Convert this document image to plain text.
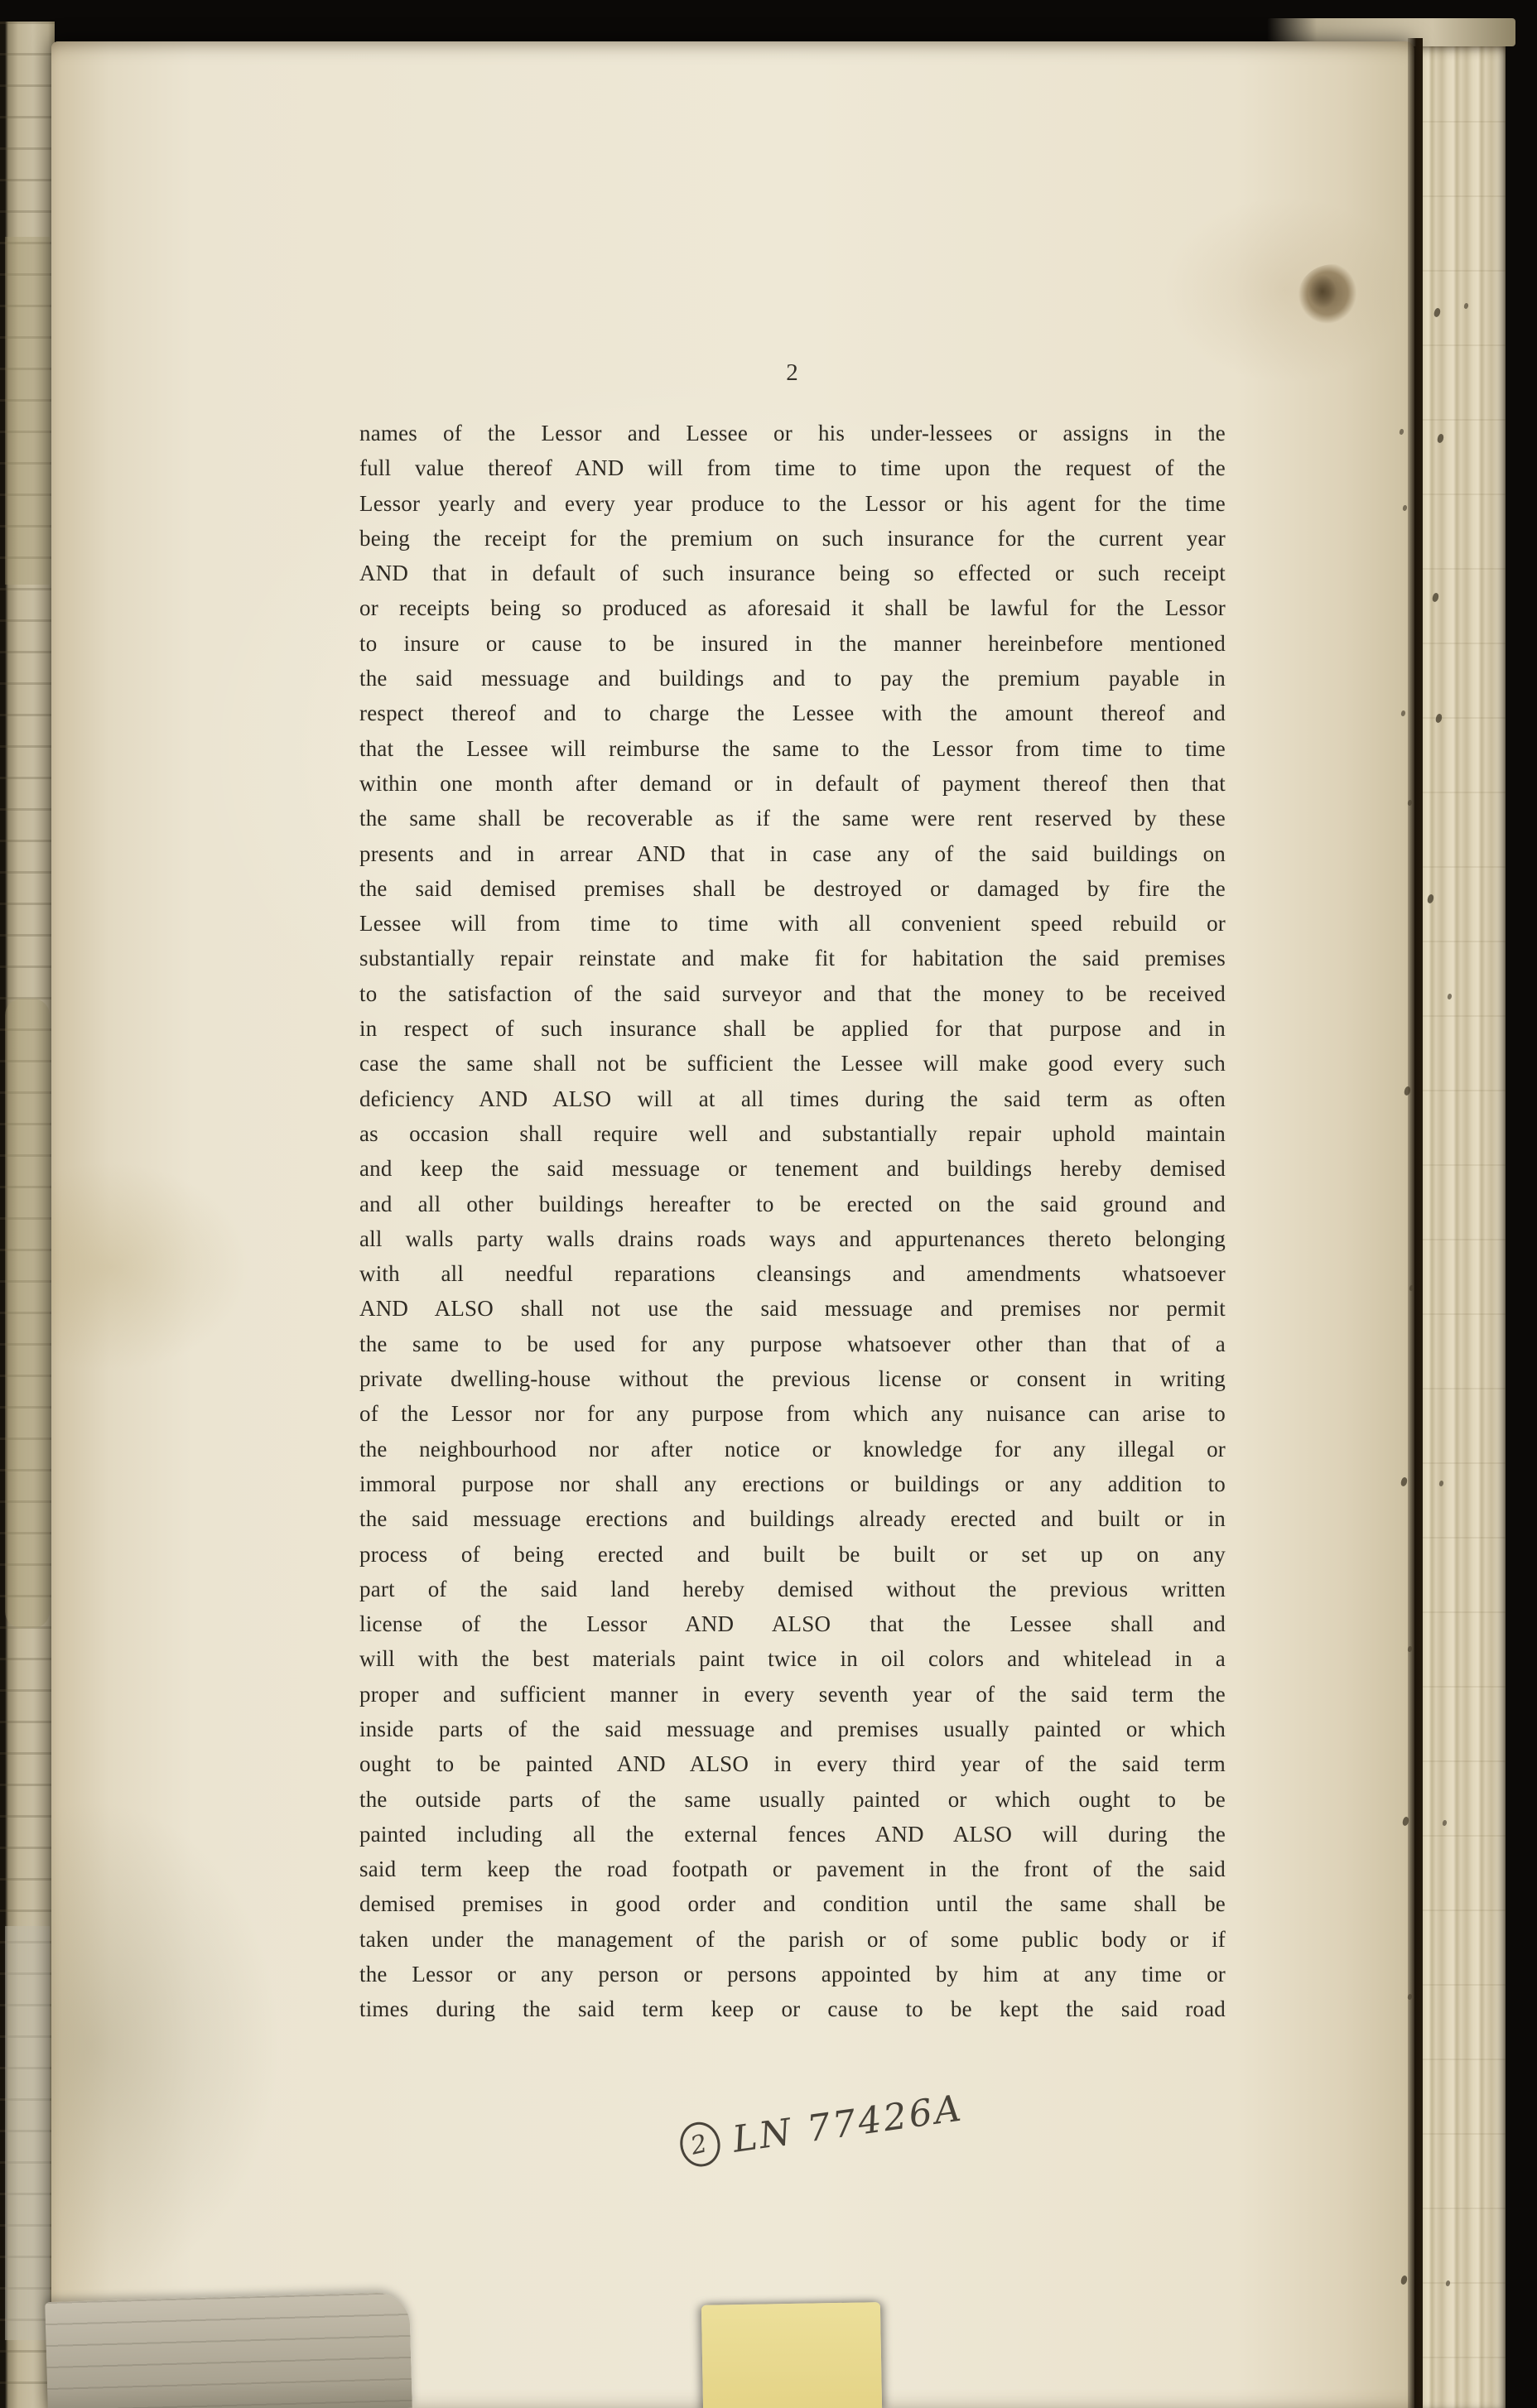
2
names of the Lessor and Lessee or his under-lessees or assigns in the
full value thereof AND will from time to time upon the request of the
Lessor yearly and every year produce to the Lessor or his agent for the time
being the receipt for the premium on such insurance for the current year
AND that in default of such insurance being so effected or such receipt
or receipts being so produced as aforesaid it shall be lawful for the Lessor
to insure or cause to be insured in the manner hereinbefore mentioned
the said messuage and buildings and to pay the premium payable in
respect thereof and to charge the Lessee with the amount thereof and
that the Lessee will reimburse the same to the Lessor from time to time
within one month after demand or in default of payment thereof then that
the same shall be recoverable as if the same were rent reserved by these
presents and in arrear AND that in case any of the said buildings on
the said demised premises shall be destroyed or damaged by fire the
Lessee will from time to time with all convenient speed rebuild or
substantially repair reinstate and make fit for habitation the said premises
to the satisfaction of the said surveyor and that the money to be received
in respect of such insurance shall be applied for that purpose and in
case the same shall not be sufficient the Lessee will make good every such
deficiency AND ALSO will at all times during the said term as often
as occasion shall require well and substantially repair uphold maintain
and keep the said messuage or tenement and buildings hereby demised
and all other buildings hereafter to be erected on the said ground and
all walls party walls drains roads ways and appurtenances thereto belonging
with all needful reparations cleansings and amendments whatsoever
AND ALSO shall not use the said messuage and premises nor permit
the same to be used for any purpose whatsoever other than that of a
private dwelling-house without the previous license or consent in writing
of the Lessor nor for any purpose from which any nuisance can arise to
the neighbourhood nor after notice or knowledge for any illegal or
immoral purpose nor shall any erections or buildings or any addition to
the said messuage erections and buildings already erected and built or in
process of being erected and built be built or set up on any
part of the said land hereby demised without the previous written
license of the Lessor AND ALSO that the Lessee shall and
will with the best materials paint twice in oil colors and whitelead in a
proper and sufficient manner in every seventh year of the said term the
inside parts of the said messuage and premises usually painted or which
ought to be painted AND ALSO in every third year of the said term
the outside parts of the same usually painted or which ought to be
painted including all the external fences AND ALSO will during the
said term keep the road footpath or pavement in the front of the said
demised premises in good order and condition until the same shall be
taken under the management of the parish or of some public body or if
the Lessor or any person or persons appointed by him at any time or
times during the said term keep or cause to be kept the said road
2 LN 77426A
